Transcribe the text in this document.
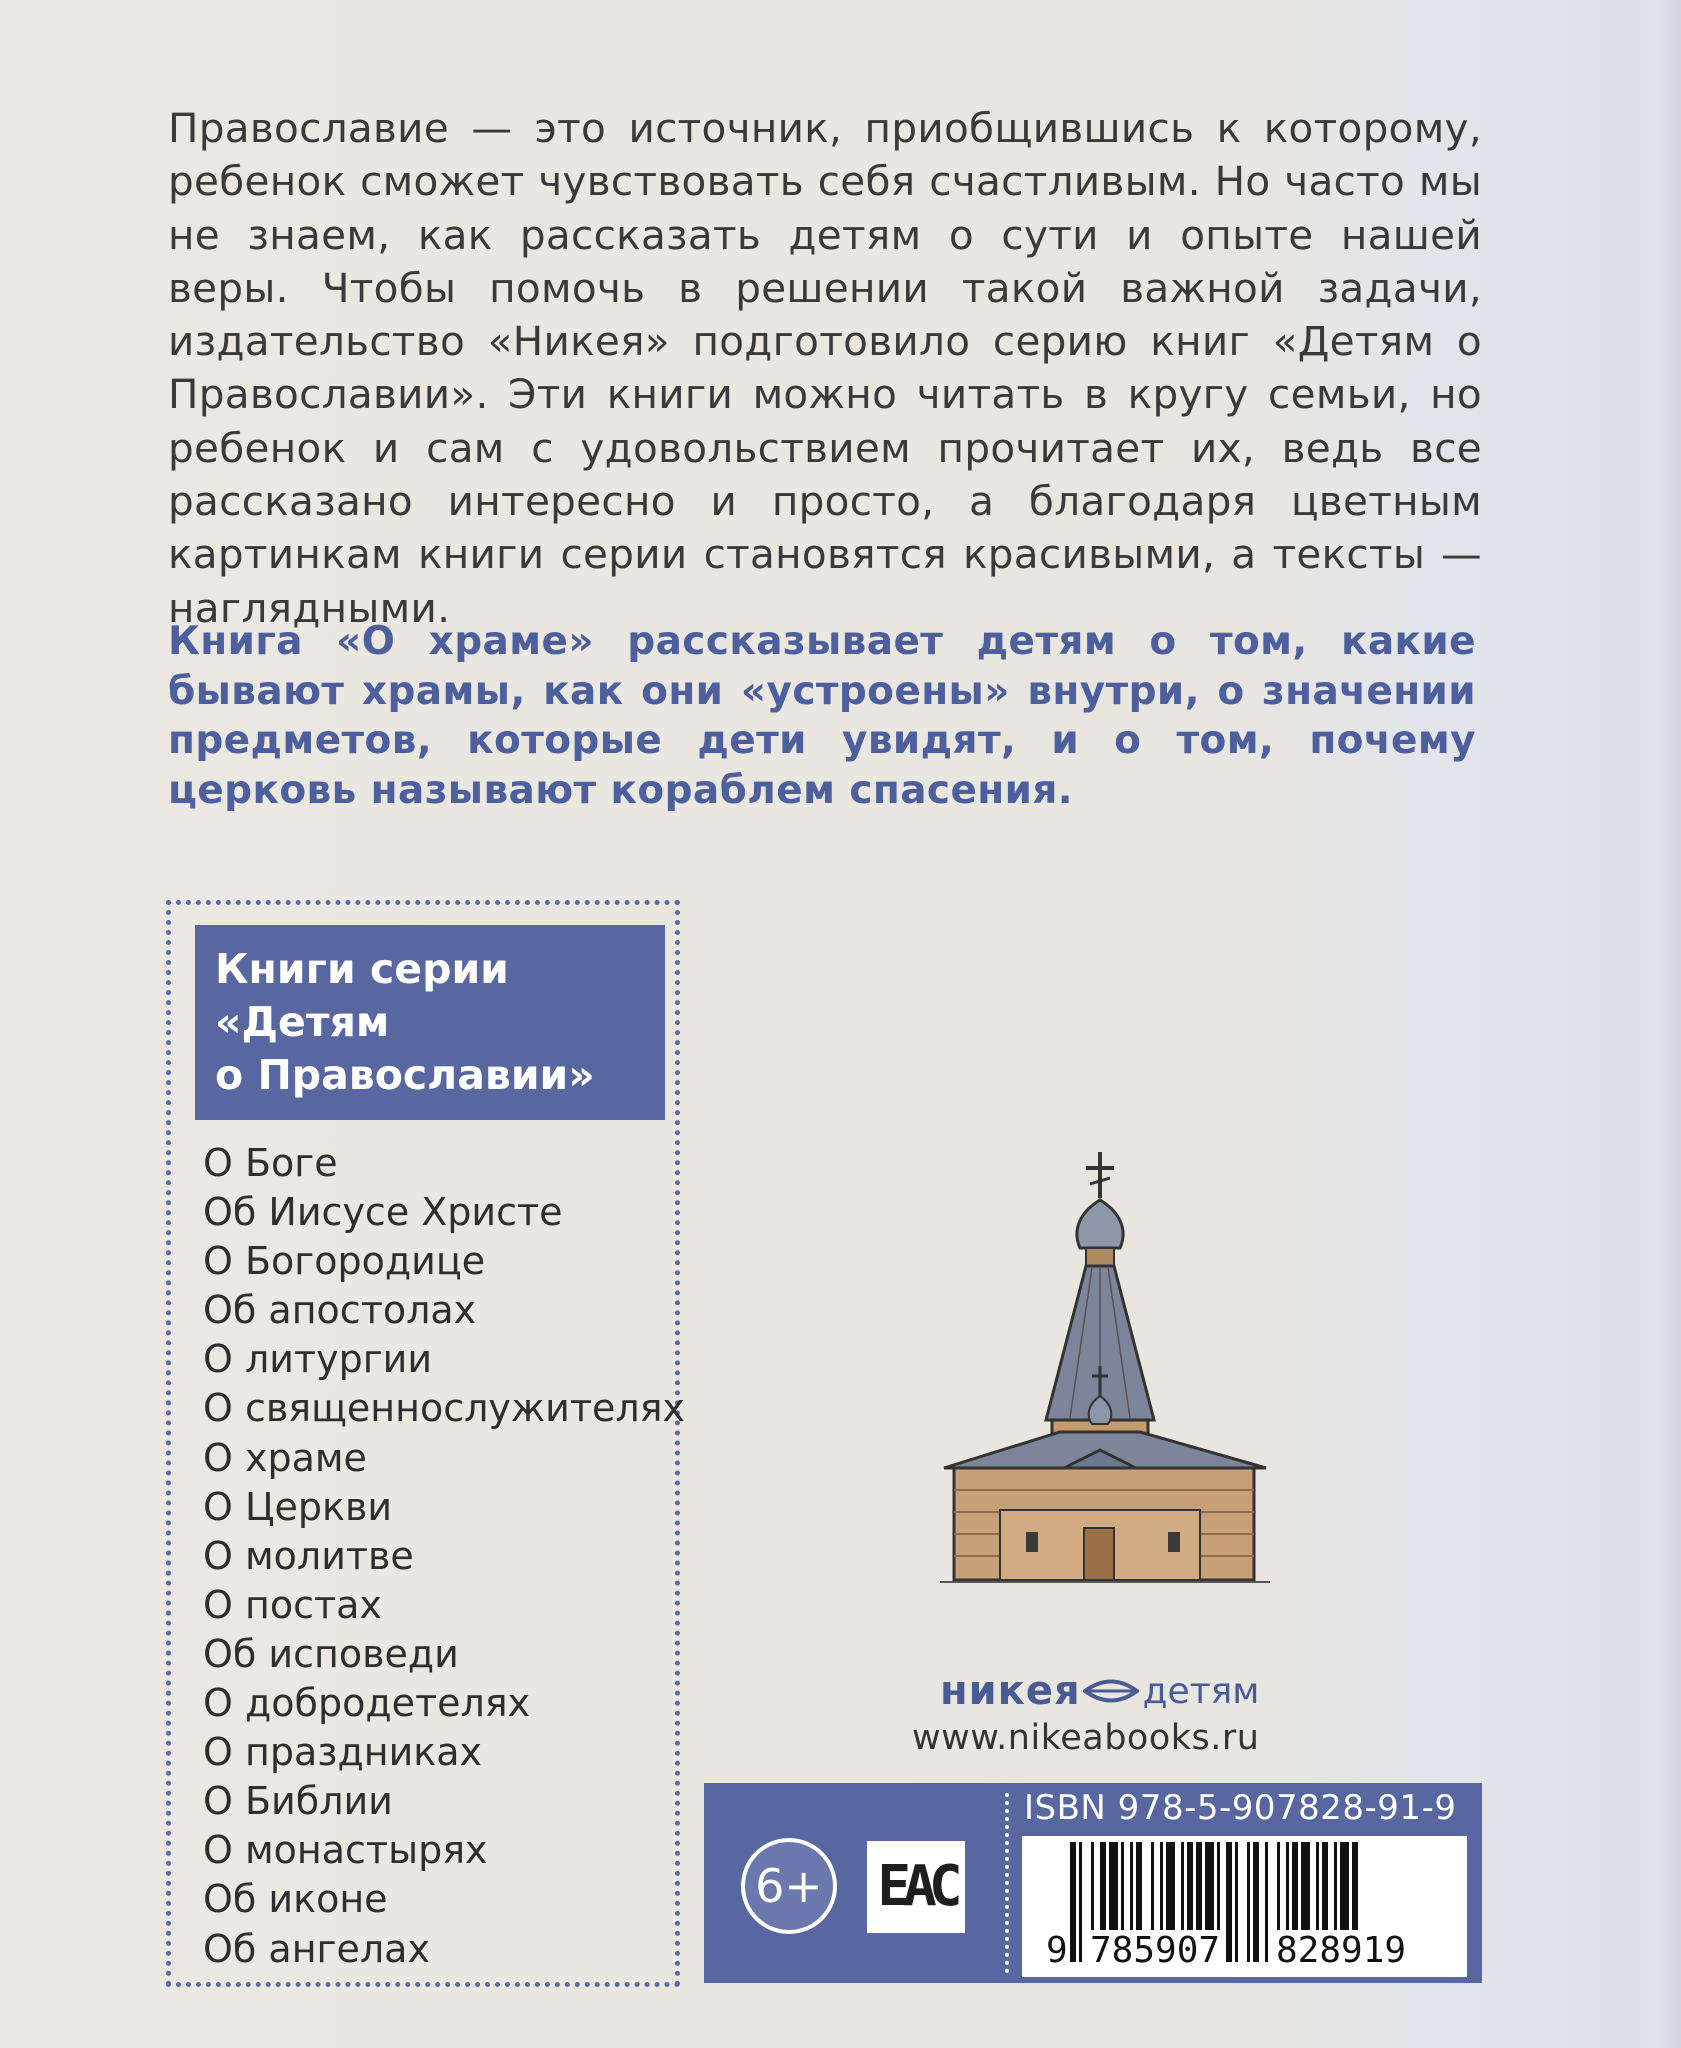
Православие — это источник, приобщившись к которому, ребенок сможет чувствовать себя счастливым. Но часто мы не знаем, как рассказать детям о сути и опыте нашей веры. Чтобы помочь в решении такой важной задачи, издательство «Никея» подготовило серию книг «Детям о Православии». Эти книги можно читать в кругу семьи, но ребенок и сам с удовольствием прочитает их, ведь все рассказано интересно и просто, а благодаря цветным картинкам книги серии становятся красивыми, а тексты — наглядными.

Книга «О храме» рассказывает детям о том, какие бывают храмы, как они «устроены» внутри, о значении предметов, которые дети увидят, и о том, почему церковь называют кораблем спасения.

Книги серии
«Детям
о Православии»
О Боге
Об Иисусе Христе
О Богородице
Об апостолах
О литургии
О священнослужителях
О храме
О Церкви
О молитве
О постах
Об исповеди
О добродетелях
О праздниках
О Библии
О монастырях
Об иконе
Об ангелах
никея детям
www.nikeabooks.ru
6+ EAC
ISBN 978-5-907828-91-9
9 785907 828919
